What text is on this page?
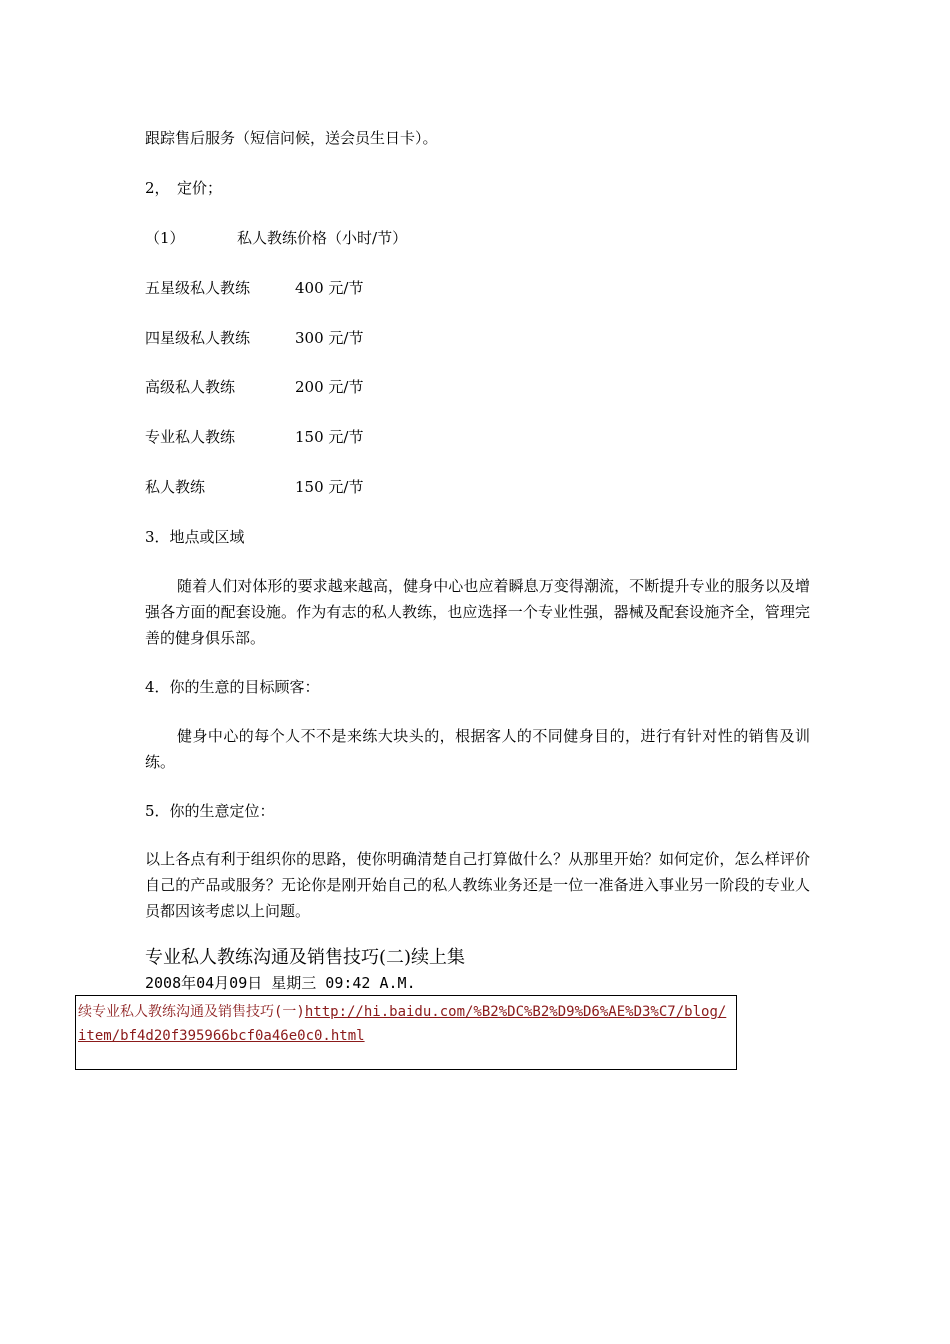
跟踪售后服务（短信问候，送会员生日卡）。
2，　定价；
（1）　　　　私人教练价格（小时/节）
五星级私人教练	400 元/节
四星级私人教练	300 元/节
高级私人教练	200 元/节
专业私人教练	150 元/节
私人教练	150 元/节
3．地点或区域
随着人们对体形的要求越来越高，健身中心也应着瞬息万变得潮流，不断提升专业的服务以及增强各方面的配套设施。作为有志的私人教练，也应选择一个专业性强，器械及配套设施齐全，管理完善的健身俱乐部。
4．你的生意的目标顾客：
健身中心的每个人不不是来练大块头的，根据客人的不同健身目的，进行有针对性的销售及训练。
5．你的生意定位：
以上各点有利于组织你的思路，使你明确清楚自己打算做什么？从那里开始？如何定价，怎么样评价自己的产品或服务？无论你是刚开始自己的私人教练业务还是一位一准备进入事业另一阶段的专业人员都因该考虑以上问题。
专业私人教练沟通及销售技巧(二)续上集
2008年04月09日 星期三 09:42 A.M.
续专业私人教练沟通及销售技巧(一)http://hi.baidu.com/%B2%DC%B2%D9%D6%AE%D3%C7/blog/item/bf4d20f395966bcf0a46e0c0.html
